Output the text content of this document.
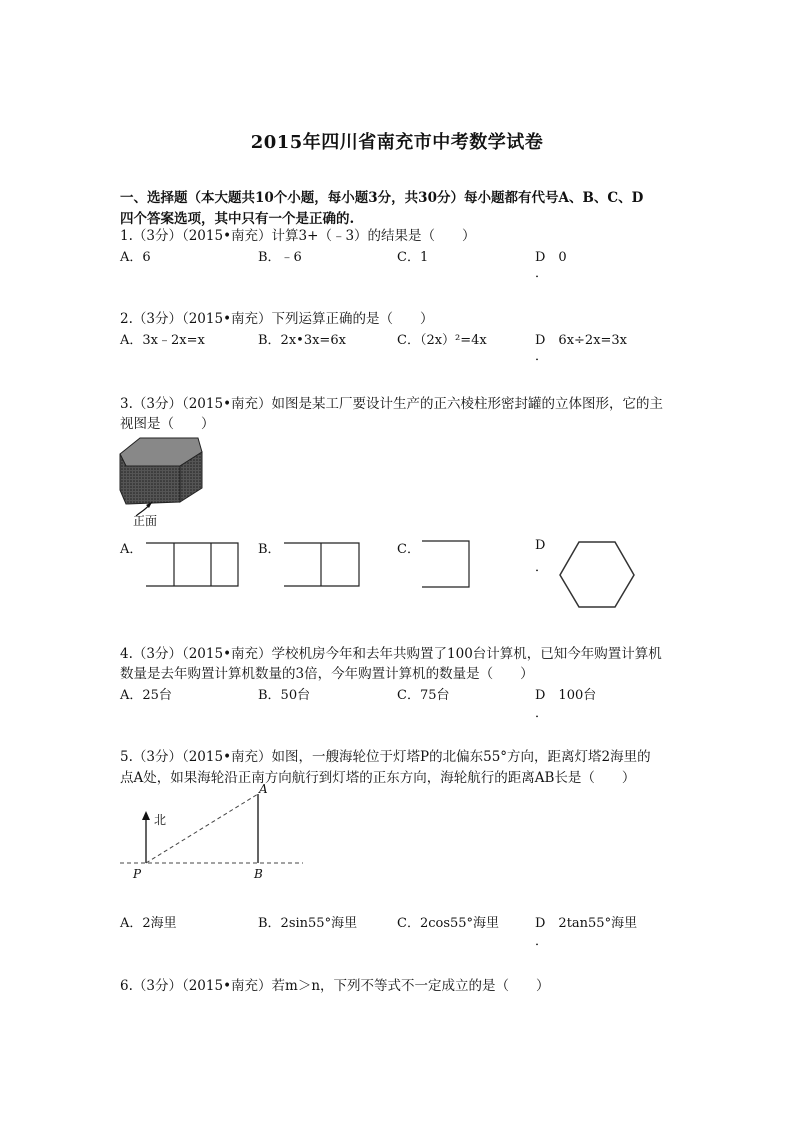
2015年四川省南充市中考数学试卷
一、选择题（本大题共10个小题，每小题3分，共30分）每小题都有代号A、B、C、D
四个答案选项，其中只有一个是正确的.
1.（3分）（2015•南充）计算3+（﹣3）的结果是（　　）
A．6	B．﹣6	C．1	D　0
．
2.（3分）（2015•南充）下列运算正确的是（　　）
A．3x﹣2x=x	B．2x•3x=6x	C．（2x）²=4x	D　6x÷2x=3x
．
3.（3分）（2015•南充）如图是某工厂要设计生产的正六棱柱形密封罐的立体图形，它的主
视图是（　　）
正面
A．	B．	C．	D
．
4.（3分）（2015•南充）学校机房今年和去年共购置了100台计算机，已知今年购置计算机
数量是去年购置计算机数量的3倍，今年购置计算机的数量是（　　）
A．25台	B．50台	C．75台	D　100台
．
5.（3分）（2015•南充）如图，一艘海轮位于灯塔P的北偏东55°方向，距离灯塔2海里的
点A处，如果海轮沿正南方向航行到灯塔的正东方向，海轮航行的距离AB长是（　　）
北
A
P	B
A．2海里	B．2sin55°海里	C．2cos55°海里	D　2tan55°海里
．
6.（3分）（2015•南充）若m＞n，下列不等式不一定成立的是（　　）
